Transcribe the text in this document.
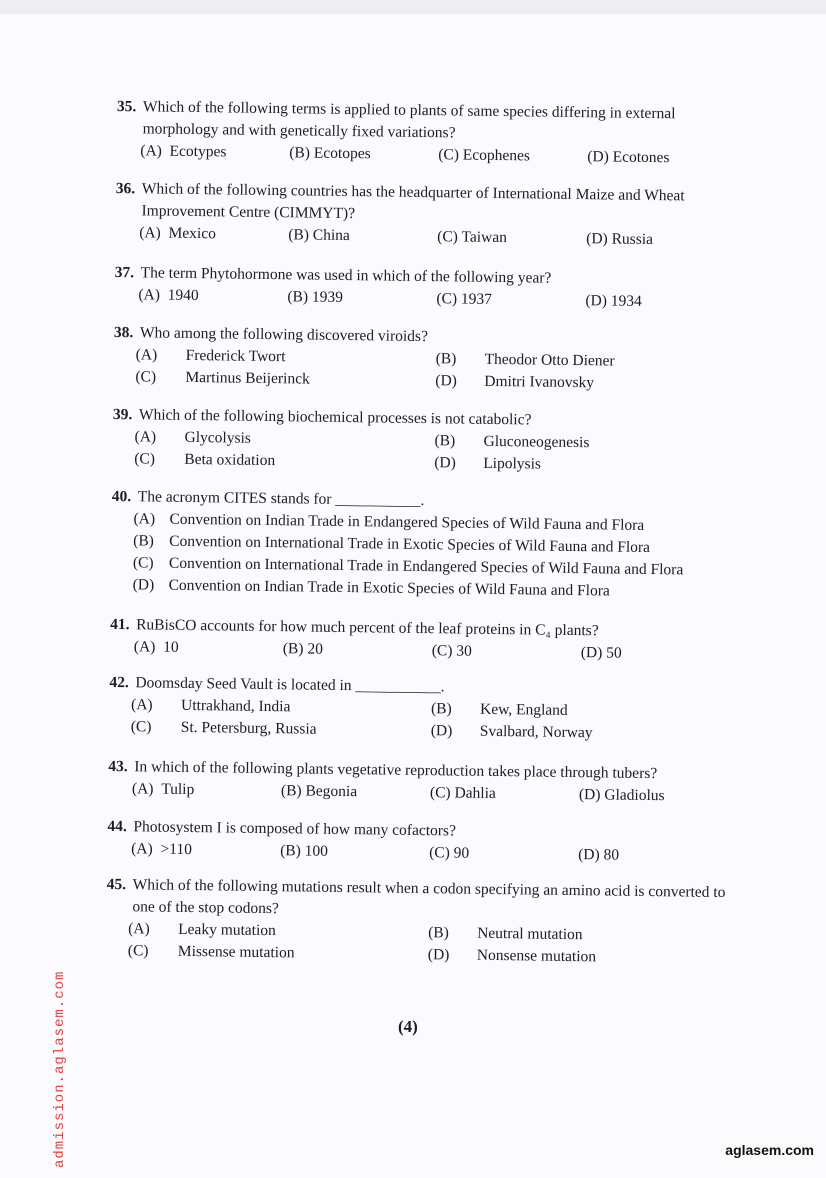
35. Which of the following terms is applied to plants of same species differing in external morphology and with genetically fixed variations?
(A) Ecotypes	(B) Ecotopes	(C) Ecophenes	(D) Ecotones
36. Which of the following countries has the headquarter of International Maize and Wheat Improvement Centre (CIMMYT)?
(A) Mexico	(B) China	(C) Taiwan	(D) Russia
37. The term Phytohormone was used in which of the following year?
(A) 1940	(B) 1939	(C) 1937	(D) 1934
38. Who among the following discovered viroids?
(A) Frederick Twort	(B) Theodor Otto Diener
(C) Martinus Beijerinck	(D) Dmitri Ivanovsky
39. Which of the following biochemical processes is not catabolic?
(A) Glycolysis	(B) Gluconeogenesis
(C) Beta oxidation	(D) Lipolysis
40. The acronym CITES stands for ___________.
(A) Convention on Indian Trade in Endangered Species of Wild Fauna and Flora
(B) Convention on International Trade in Exotic Species of Wild Fauna and Flora
(C) Convention on International Trade in Endangered Species of Wild Fauna and Flora
(D) Convention on Indian Trade in Exotic Species of Wild Fauna and Flora
41. RuBisCO accounts for how much percent of the leaf proteins in C₄ plants?
(A) 10	(B) 20	(C) 30	(D) 50
42. Doomsday Seed Vault is located in ___________.
(A) Uttrakhand, India	(B) Kew, England
(C) St. Petersburg, Russia	(D) Svalbard, Norway
43. In which of the following plants vegetative reproduction takes place through tubers?
(A) Tulip	(B) Begonia	(C) Dahlia	(D) Gladiolus
44. Photosystem I is composed of how many cofactors?
(A) >110	(B) 100	(C) 90	(D) 80
45. Which of the following mutations result when a codon specifying an amino acid is converted to one of the stop codons?
(A) Leaky mutation	(B) Neutral mutation
(C) Missense mutation	(D) Nonsense mutation
(4)
admission.aglasem.com	aglasem.com
